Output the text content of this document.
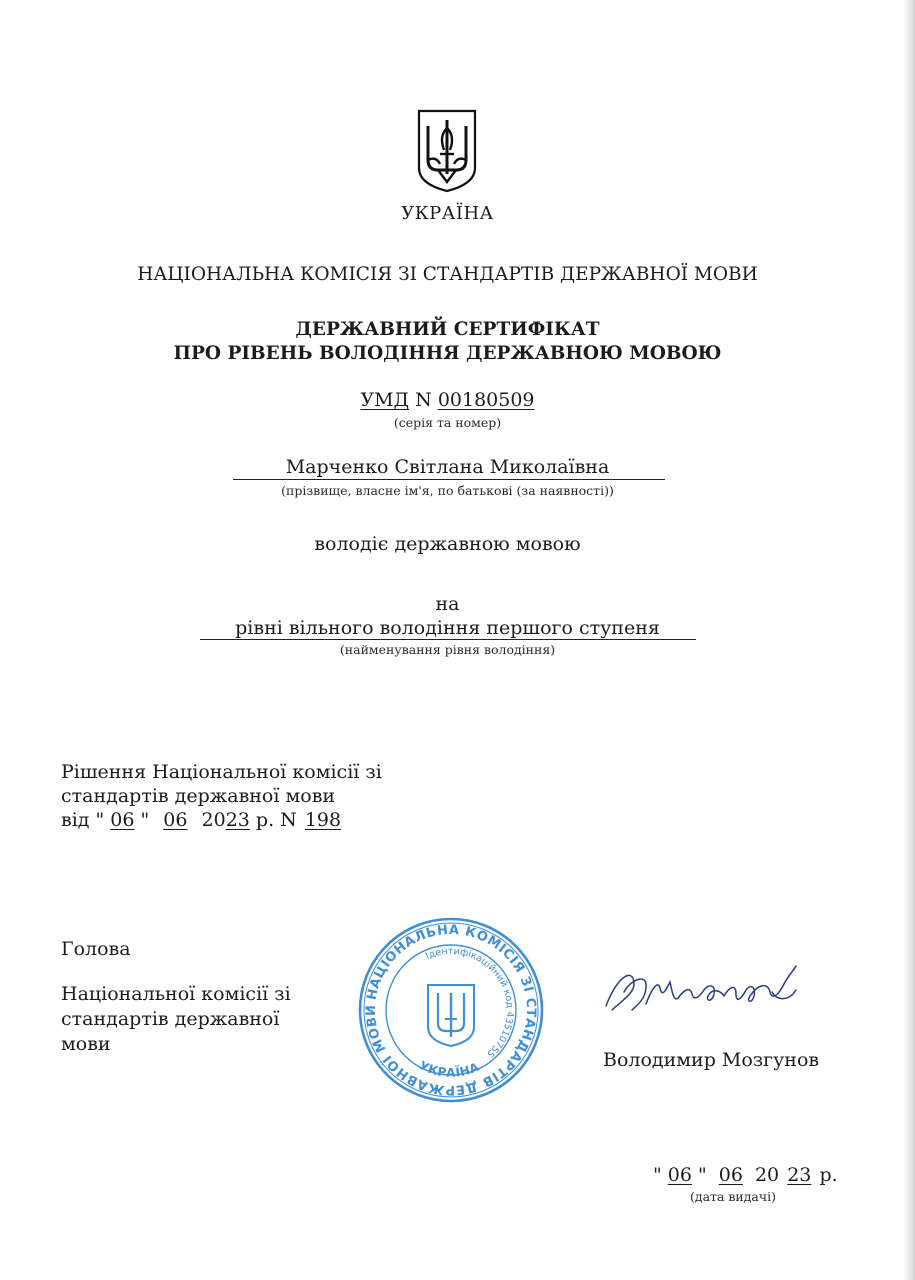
УКРАЇНА
НАЦІОНАЛЬНА КОМІСІЯ ЗІ СТАНДАРТІВ ДЕРЖАВНОЇ МОВИ
ДЕРЖАВНИЙ СЕРТИФІКАТ
ПРО РІВЕНЬ ВОЛОДІННЯ ДЕРЖАВНОЮ МОВОЮ
УМД N 00180509
(серія та номер)
Марченко Світлана Миколаївна
(прізвище, власне ім'я, по батькові (за наявності))
володіє державною мовою
на
рівні вільного володіння першого ступеня
(найменування рівня володіння)
Рішення Національної комісії зі
стандартів державної мови
від " 06 " 06 2023 р. N 198
Голова
Національної комісії зі
стандартів державної
мови
НАЦІОНАЛЬНА КОМІСІЯ ЗІ СТАНДАРТІВ ДЕРЖАВНОЇ МОВИ
Ідентифікаційний код 43510755
УКРАЇНА	Володимир Мозгунов
" 06 " 06 20 23 р.
(дата видачі)
